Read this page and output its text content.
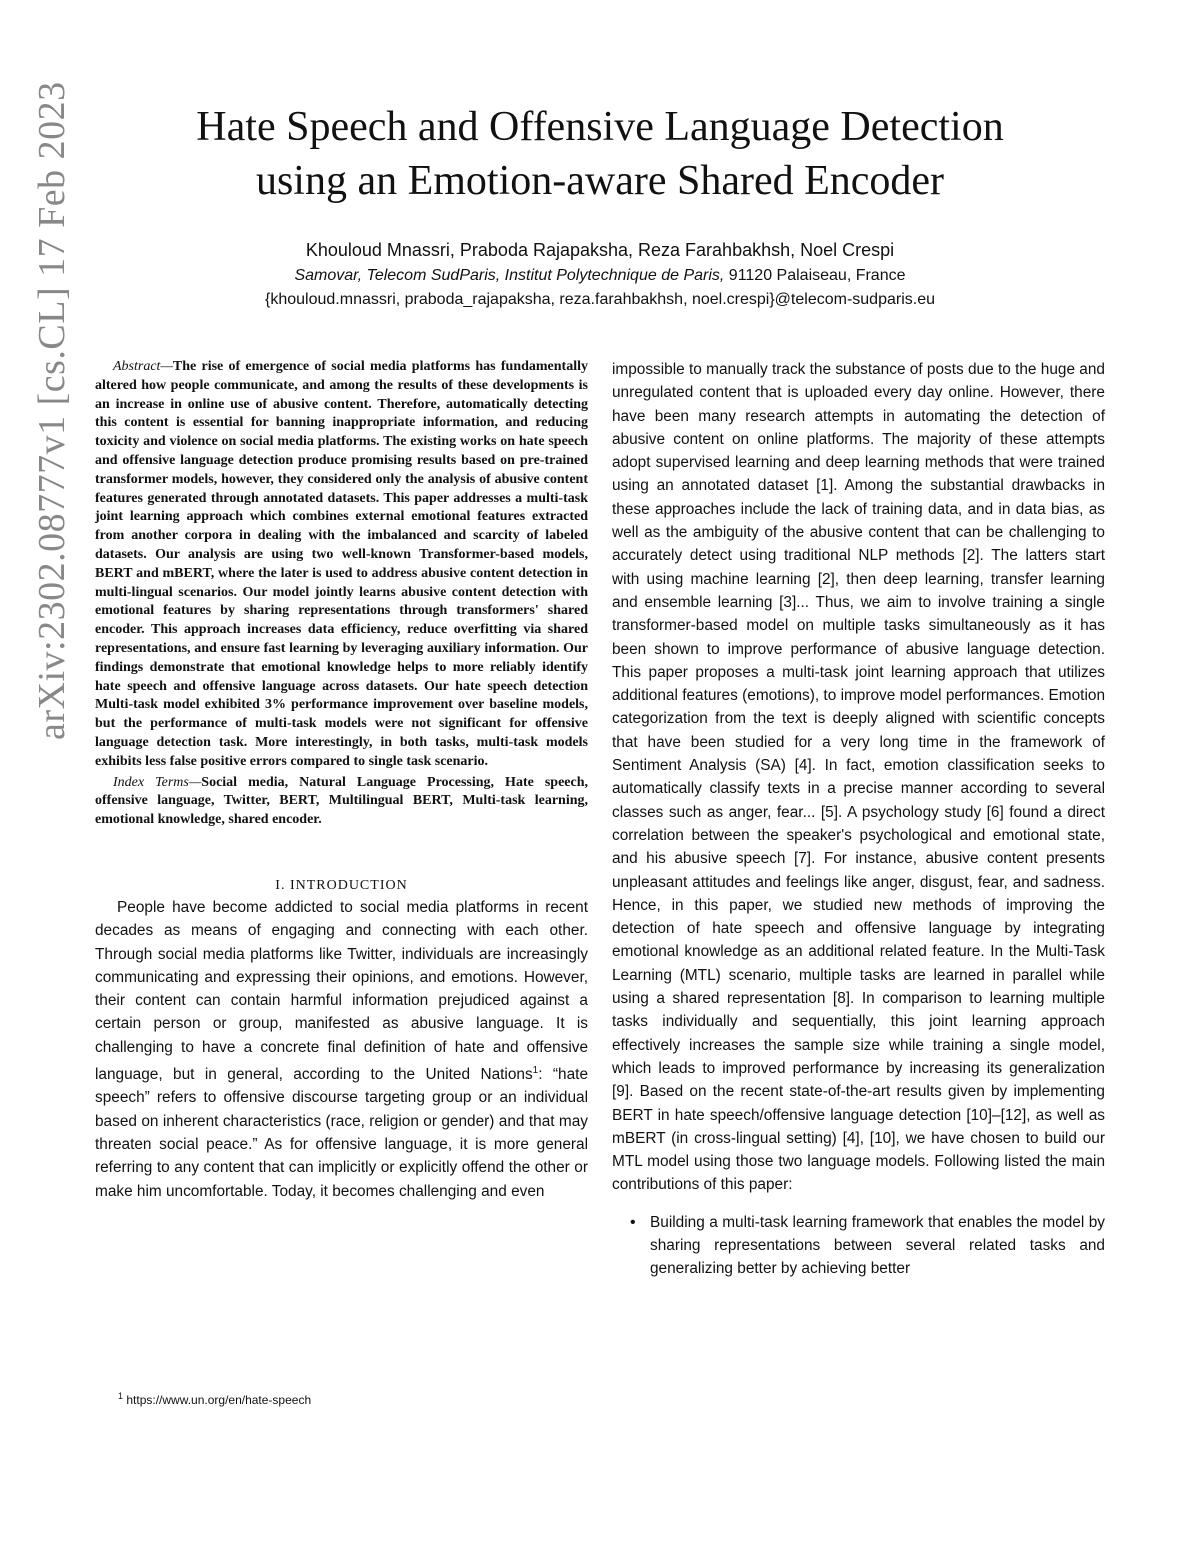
arXiv:2302.08777v1 [cs.CL] 17 Feb 2023	Hate Speech and Offensive Language Detection
using an Emotion-aware Shared Encoder
Khouloud Mnassri, Praboda Rajapaksha, Reza Farahbakhsh, Noel Crespi
Samovar, Telecom SudParis, Institut Polytechnique de Paris, 91120 Palaiseau, France
{khouloud.mnassri, praboda_rajapaksha, reza.farahbakhsh, noel.crespi}@telecom-sudparis.eu

Abstract—The rise of emergence of social media platforms has fundamentally altered how people communicate, and among the results of these developments is an increase in online use of abusive content. Therefore, automatically detecting this content is essential for banning inappropriate information, and reducing toxicity and violence on social media platforms. The existing works on hate speech and offensive language detection produce promising results based on pre-trained transformer models, however, they considered only the analysis of abusive content features generated through annotated datasets. This paper addresses a multi-task joint learning approach which combines external emotional features extracted from another corpora in dealing with the imbalanced and scarcity of labeled datasets. Our analysis are using two well-known Transformer-based models, BERT and mBERT, where the later is used to address abusive content detection in multi-lingual scenarios. Our model jointly learns abusive content detection with emotional features by sharing representations through transformers' shared encoder. This approach increases data efficiency, reduce overfitting via shared representations, and ensure fast learning by leveraging auxiliary information. Our findings demonstrate that emotional knowledge helps to more reliably identify hate speech and offensive language across datasets. Our hate speech detection Multi-task model exhibited 3% performance improvement over baseline models, but the performance of multi-task models were not significant for offensive language detection task. More interestingly, in both tasks, multi-task models exhibits less false positive errors compared to single task scenario.

Index Terms—Social media, Natural Language Processing, Hate speech, offensive language, Twitter, BERT, Multilingual BERT, Multi-task learning, emotional knowledge, shared encoder.

I. INTRODUCTION

People have become addicted to social media platforms in recent decades as means of engaging and connecting with each other. Through social media platforms like Twitter, individuals are increasingly communicating and expressing their opinions, and emotions. However, their content can contain harmful information prejudiced against a certain person or group, manifested as abusive language. It is challenging to have a concrete final definition of hate and offensive language, but in general, according to the United Nations$^1$: “hate speech” refers to offensive discourse targeting group or an individual based on inherent characteristics (race, religion or gender) and that may threaten social peace.” As for offensive language, it is more general referring to any content that can implicitly or explicitly offend the other or make him uncomfortable. Today, it becomes challenging and even

$^1$ https://www.un.org/en/hate-speech

impossible to manually track the substance of posts due to the huge and unregulated content that is uploaded every day online. However, there have been many research attempts in automating the detection of abusive content on online platforms. The majority of these attempts adopt supervised learning and deep learning methods that were trained using an annotated dataset [1]. Among the substantial drawbacks in these approaches include the lack of training data, and in data bias, as well as the ambiguity of the abusive content that can be challenging to accurately detect using traditional NLP methods [2]. The latters start with using machine learning [2], then deep learning, transfer learning and ensemble learning [3]... Thus, we aim to involve training a single transformer-based model on multiple tasks simultaneously as it has been shown to improve performance of abusive language detection. This paper proposes a multi-task joint learning approach that utilizes additional features (emotions), to improve model performances. Emotion categorization from the text is deeply aligned with scientific concepts that have been studied for a very long time in the framework of Sentiment Analysis (SA) [4]. In fact, emotion classification seeks to automatically classify texts in a precise manner according to several classes such as anger, fear... [5]. A psychology study [6] found a direct correlation between the speaker's psychological and emotional state, and his abusive speech [7]. For instance, abusive content presents unpleasant attitudes and feelings like anger, disgust, fear, and sadness. Hence, in this paper, we studied new methods of improving the detection of hate speech and offensive language by integrating emotional knowledge as an additional related feature. In the Multi-Task Learning (MTL) scenario, multiple tasks are learned in parallel while using a shared representation [8]. In comparison to learning multiple tasks individually and sequentially, this joint learning approach effectively increases the sample size while training a single model, which leads to improved performance by increasing its generalization [9]. Based on the recent state-of-the-art results given by implementing BERT in hate speech/offensive language detection [10]–[12], as well as mBERT (in cross-lingual setting) [4], [10], we have chosen to build our MTL model using those two language models. Following listed the main contributions of this paper:

• Building a multi-task learning framework that enables the model by sharing representations between several related tasks and generalizing better by achieving better
